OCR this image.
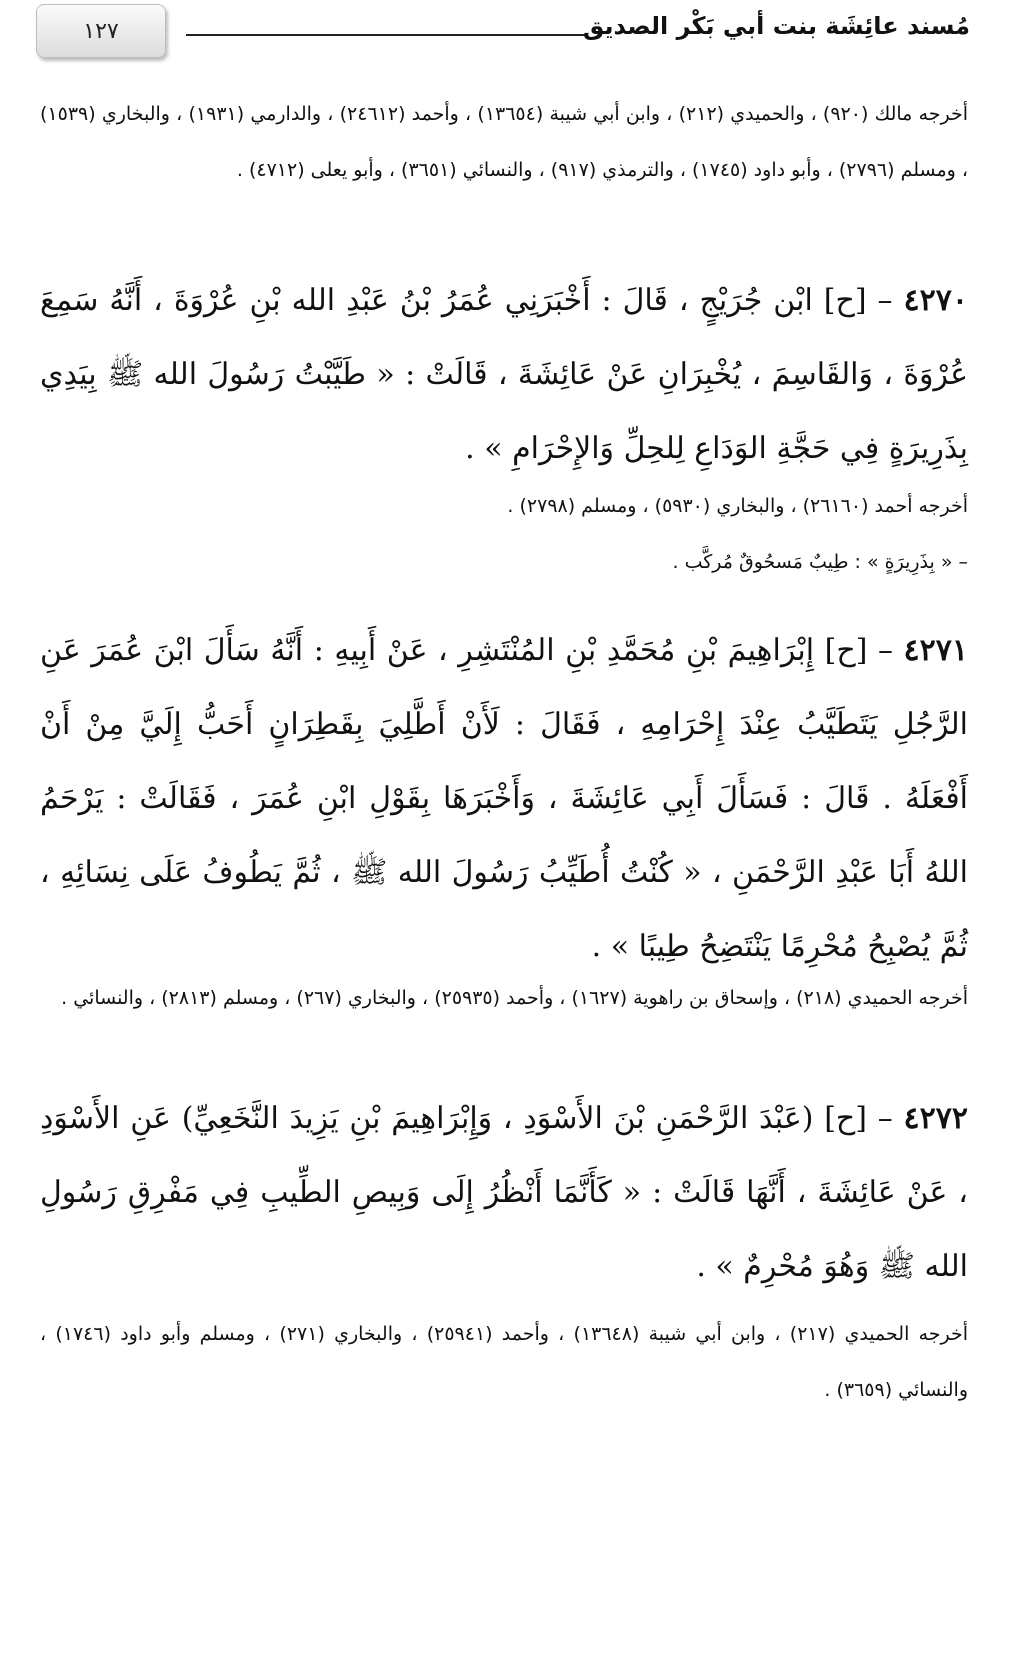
١٢٧	مُسند عائِشَة بنت أبي بَكْر الصديق
أخرجه مالك (٩٢٠) ، والحميدي (٢١٢) ، وابن أبي شيبة (١٣٦٥٤) ، وأحمد (٢٤٦١٢) ، والدارمي (١٩٣١) ، والبخاري (١٥٣٩) ، ومسلم (٢٧٩٦) ، وأبو داود (١٧٤٥) ، والترمذي (٩١٧) ، والنسائي (٣٦٥١) ، وأبو يعلى (٤٧١٢) .
٤٢٧٠ – [ح] ابْن جُرَيْجٍ ، قَالَ : أَخْبَرَنِي عُمَرُ بْنُ عَبْدِ الله بْنِ عُرْوَةَ ، أَنَّهُ سَمِعَ عُرْوَةَ ، وَالقَاسِمَ ، يُخْبِرَانِ عَنْ عَائِشَةَ ، قَالَتْ : « طَيَّبْتُ رَسُولَ الله ﷺ بِيَدِي بِذَرِيرَةٍ فِي حَجَّةِ الوَدَاعِ لِلحِلِّ وَالإِحْرَامِ » .
أخرجه أحمد (٢٦١٦٠) ، والبخاري (٥٩٣٠) ، ومسلم (٢٧٩٨) .
– « بِذَرِيرَةٍ » : طِيبٌ مَسحُوقٌ مُركَّب .
٤٢٧١ – [ح] إِبْرَاهِيمَ بْنِ مُحَمَّدِ بْنِ المُنْتَشِرِ ، عَنْ أَبِيهِ : أَنَّهُ سَأَلَ ابْنَ عُمَرَ عَنِ الرَّجُلِ يَتَطَيَّبُ عِنْدَ إِحْرَامِهِ ، فَقَالَ : لَأَنْ أَطَّلِيَ بِقَطِرَانٍ أَحَبُّ إِلَيَّ مِنْ أَنْ أَفْعَلَهُ . قَالَ : فَسَأَلَ أَبِي عَائِشَةَ ، وَأَخْبَرَهَا بِقَوْلِ ابْنِ عُمَرَ ، فَقَالَتْ : يَرْحَمُ اللهُ أَبَا عَبْدِ الرَّحْمَنِ ، « كُنْتُ أُطَيِّبُ رَسُولَ الله ﷺ ، ثُمَّ يَطُوفُ عَلَى نِسَائِهِ ، ثُمَّ يُصْبِحُ مُحْرِمًا يَنْتَضِحُ طِيبًا » .
أخرجه الحميدي (٢١٨) ، وإسحاق بن راهوية (١٦٢٧) ، وأحمد (٢٥٩٣٥) ، والبخاري (٢٦٧) ، ومسلم (٢٨١٣) ، والنسائي .
٤٢٧٢ – [ح] (عَبْدَ الرَّحْمَنِ بْنَ الأَسْوَدِ ، وَإِبْرَاهِيمَ بْنِ يَزِيدَ النَّخَعِيِّ) عَنِ الأَسْوَدِ ، عَنْ عَائِشَةَ ، أَنَّهَا قَالَتْ : « كَأَنَّمَا أَنْظُرُ إِلَى وَبِيصِ الطِّيبِ فِي مَفْرِقِ رَسُولِ الله ﷺ وَهُوَ مُحْرِمٌ » .
أخرجه الحميدي (٢١٧) ، وابن أبي شيبة (١٣٦٤٨) ، وأحمد (٢٥٩٤١) ، والبخاري (٢٧١) ، ومسلم وأبو داود (١٧٤٦) ، والنسائي (٣٦٥٩) .
